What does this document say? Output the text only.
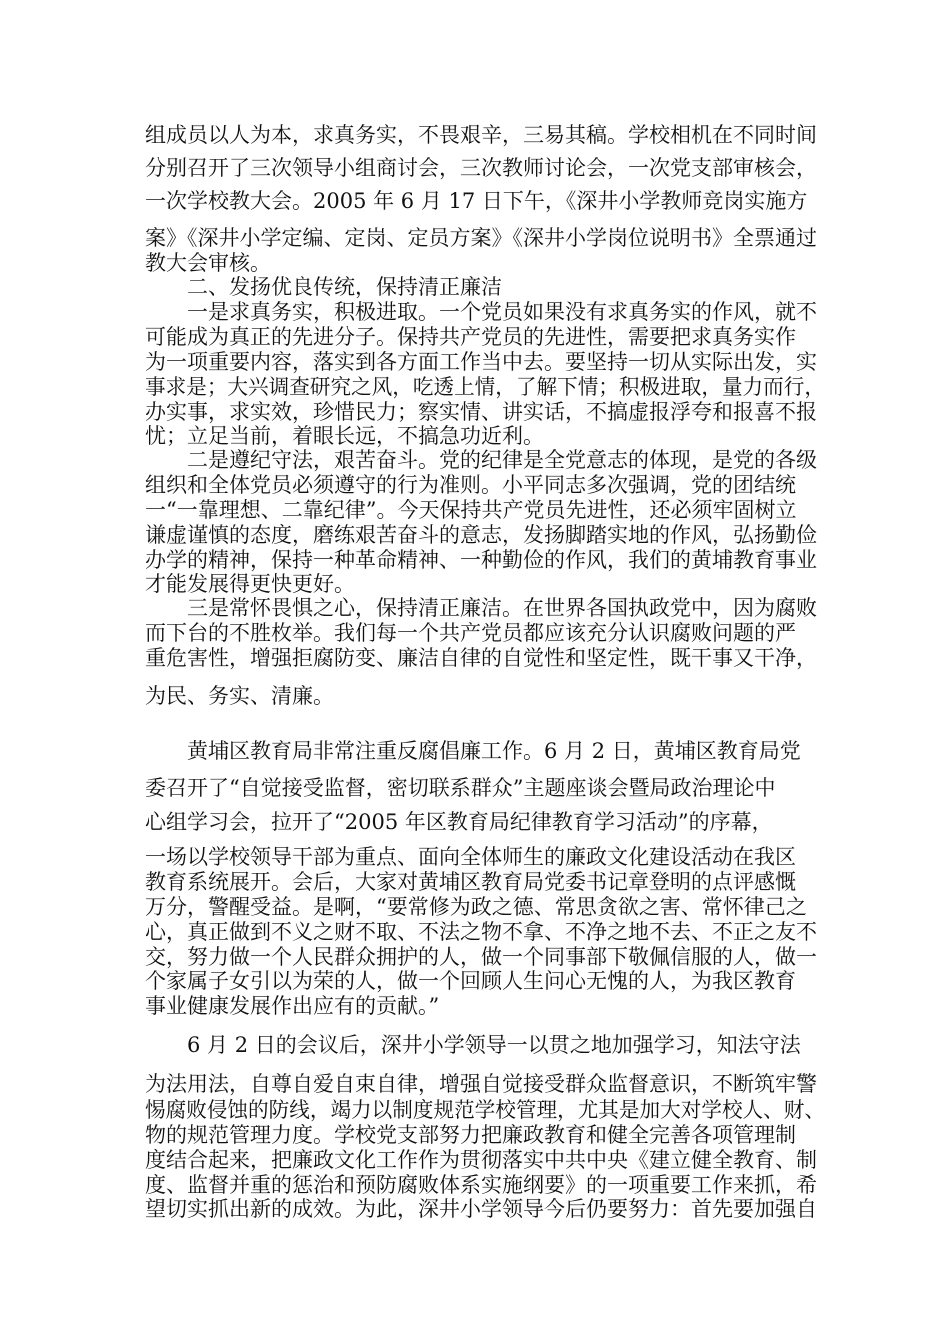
组成员以人为本，求真务实，不畏艰辛，三易其稿。学校相机在不同时间
分别召开了三次领导小组商讨会，三次教师讨论会，一次党支部审核会，
一次学校教大会。2005 年 6 月 17 日下午，《深井小学教师竞岗实施方
案》《深井小学定编、定岗、定员方案》《深井小学岗位说明书》全票通过
教大会审核。
二、发扬优良传统，保持清正廉洁
一是求真务实，积极进取。一个党员如果没有求真务实的作风，就不
可能成为真正的先进分子。保持共产党员的先进性，需要把求真务实作
为一项重要内容，落实到各方面工作当中去。要坚持一切从实际出发，实
事求是；大兴调查研究之风，吃透上情，了解下情；积极进取，量力而行，
办实事，求实效，珍惜民力；察实情、讲实话，不搞虚报浮夸和报喜不报
忧；立足当前，着眼长远，不搞急功近利。
二是遵纪守法，艰苦奋斗。党的纪律是全党意志的体现，是党的各级
组织和全体党员必须遵守的行为准则。小平同志多次强调，党的团结统
一“一靠理想、二靠纪律”。今天保持共产党员先进性，还必须牢固树立
谦虚谨慎的态度，磨练艰苦奋斗的意志，发扬脚踏实地的作风，弘扬勤俭
办学的精神，保持一种革命精神、一种勤俭的作风，我们的黄埔教育事业
才能发展得更快更好。
三是常怀畏惧之心，保持清正廉洁。在世界各国执政党中，因为腐败
而下台的不胜枚举。我们每一个共产党员都应该充分认识腐败问题的严
重危害性，增强拒腐防变、廉洁自律的自觉性和坚定性，既干事又干净，
为民、务实、清廉。
黄埔区教育局非常注重反腐倡廉工作。6 月 2 日，黄埔区教育局党
委召开了“自觉接受监督，密切联系群众”主题座谈会暨局政治理论中
心组学习会，拉开了“2005 年区教育局纪律教育学习活动”的序幕，
一场以学校领导干部为重点、面向全体师生的廉政文化建设活动在我区
教育系统展开。会后，大家对黄埔区教育局党委书记章登明的点评感慨
万分，警醒受益。是啊，“要常修为政之德、常思贪欲之害、常怀律己之
心，真正做到不义之财不取、不法之物不拿、不净之地不去、不正之友不
交，努力做一个人民群众拥护的人，做一个同事部下敬佩信服的人，做一
个家属子女引以为荣的人，做一个回顾人生问心无愧的人，为我区教育
事业健康发展作出应有的贡献。”
6 月 2 日的会议后，深井小学领导一以贯之地加强学习，知法守法
为法用法，自尊自爱自束自律，增强自觉接受群众监督意识，不断筑牢警
惕腐败侵蚀的防线，竭力以制度规范学校管理，尤其是加大对学校人、财、
物的规范管理力度。学校党支部努力把廉政教育和健全完善各项管理制
度结合起来，把廉政文化工作作为贯彻落实中共中央《建立健全教育、制
度、监督并重的惩治和预防腐败体系实施纲要》的一项重要工作来抓，希
望切实抓出新的成效。为此，深井小学领导今后仍要努力：首先要加强自
